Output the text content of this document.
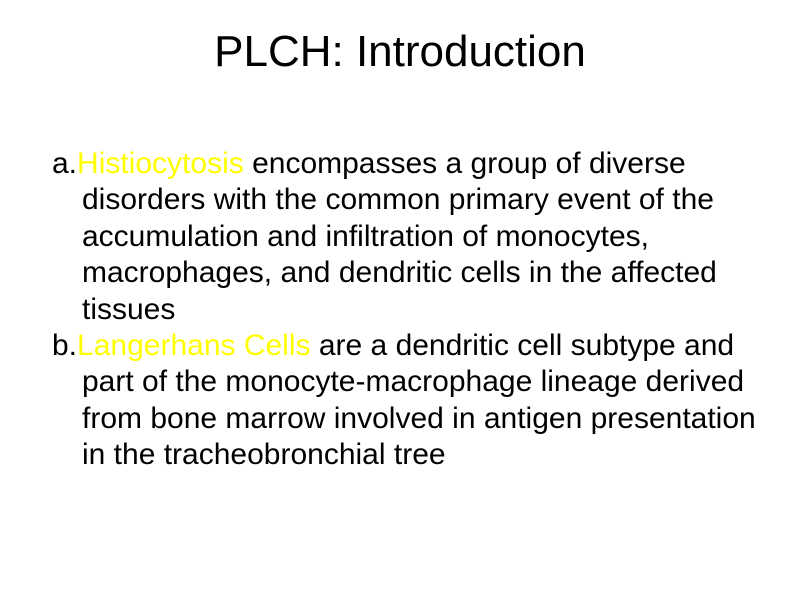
PLCH: Introduction
a.Histiocytosis encompasses a group of diverse disorders with the common primary event of the accumulation and infiltration of monocytes, macrophages, and dendritic cells in the affected tissues
b.Langerhans Cells are a dendritic cell subtype and part of the monocyte-macrophage lineage derived from bone marrow involved in antigen presentation in the tracheobronchial tree
